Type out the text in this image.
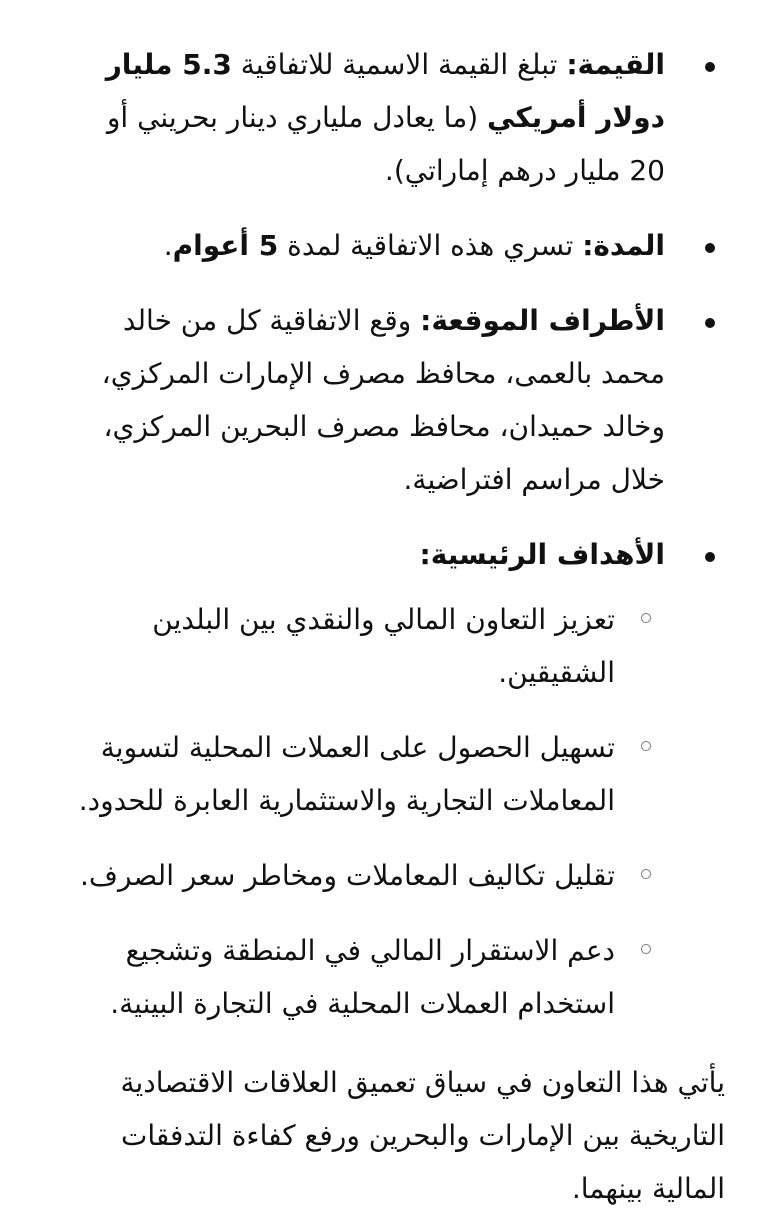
القيمة: تبلغ القيمة الاسمية للاتفاقية 5.3 مليار دولار أمريكي (ما يعادل ملياري دينار بحريني أو 20 مليار درهم إماراتي).
المدة: تسري هذه الاتفاقية لمدة 5 أعوام.
الأطراف الموقعة: وقع الاتفاقية كل من خالد محمد بالعمى، محافظ مصرف الإمارات المركزي، وخالد حميدان، محافظ مصرف البحرين المركزي، خلال مراسم افتراضية.
الأهداف الرئيسية:
تعزيز التعاون المالي والنقدي بين البلدين الشقيقين.
تسهيل الحصول على العملات المحلية لتسوية المعاملات التجارية والاستثمارية العابرة للحدود.
تقليل تكاليف المعاملات ومخاطر سعر الصرف.
دعم الاستقرار المالي في المنطقة وتشجيع استخدام العملات المحلية في التجارة البينية.

يأتي هذا التعاون في سياق تعميق العلاقات الاقتصادية التاريخية بين الإمارات والبحرين ورفع كفاءة التدفقات المالية بينهما.
